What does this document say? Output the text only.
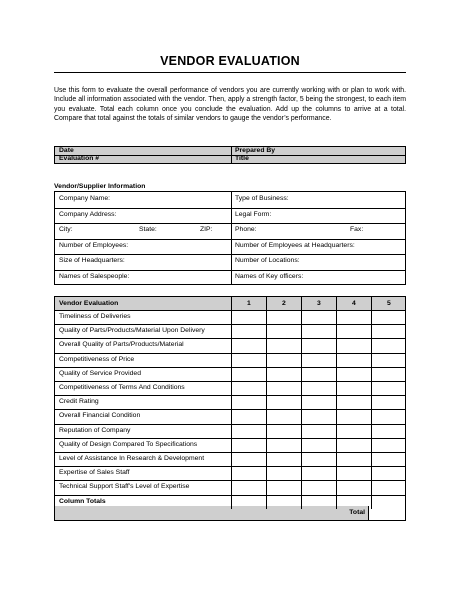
VENDOR EVALUATION
Use this form to evaluate the overall performance of vendors you are currently working with or plan to work with. Include all information associated with the vendor. Then, apply a strength factor, 5 being the strongest, to each item you evaluate. Total each column once you conclude the evaluation. Add up the columns to arrive at a total. Compare that total against the totals of similar vendors to gauge the vendor’s performance.
Date	Prepared By
Evaluation #	Title
Vendor/Supplier Information
Company Name:	Type of Business:
Company Address:	Legal Form:
City:	State:	ZIP:	Phone:	Fax:
Number of Employees:	Number of Employees at Headquarters:
Size of Headquarters:	Number of Locations:
Names of Salespeople:	Names of Key officers:
Vendor Evaluation	1	2	3	4	5
Timeliness of Deliveries
Quality of Parts/Products/Material Upon Delivery
Overall Quality of Parts/Products/Material
Competitiveness of Price
Quality of Service Provided
Competitiveness of Terms And Conditions
Credit Rating
Overall Financial Condition
Reputation of Company
Quality of Design Compared To Specifications
Level of Assistance In Research & Development
Expertise of Sales Staff
Technical Support Staff's Level of Expertise
Column Totals
Total
